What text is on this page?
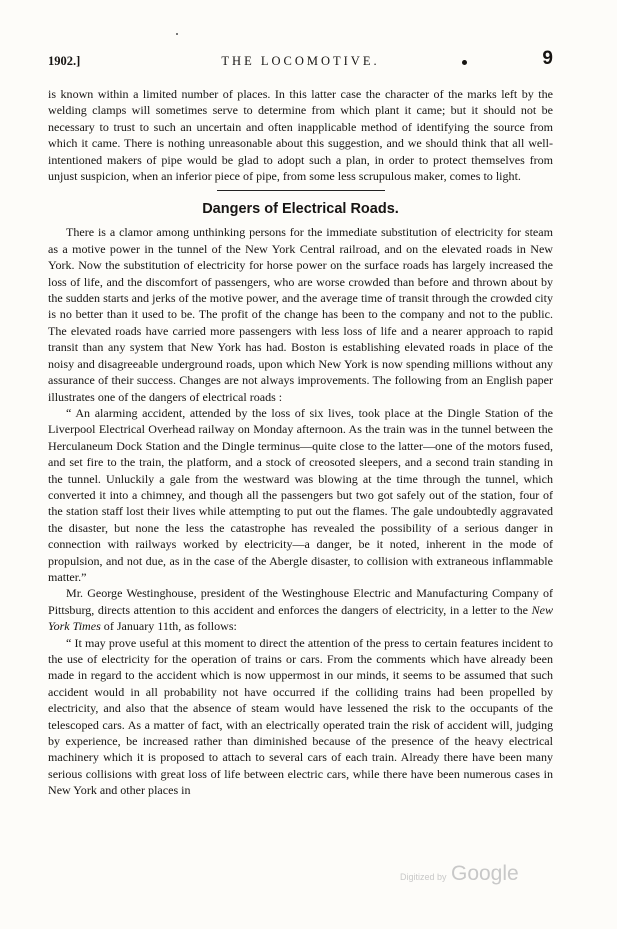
1902.]	THE LOCOMOTIVE.	9

is known within a limited number of places. In this latter case the character of the marks left by the welding clamps will sometimes serve to determine from which plant it came; but it should not be necessary to trust to such an uncertain and often inapplicable method of identifying the source from which it came. There is nothing unreasonable about this suggestion, and we should think that all well-intentioned makers of pipe would be glad to adopt such a plan, in order to protect themselves from unjust suspicion, when an inferior piece of pipe, from some less scrupulous maker, comes to light.

Dangers of Electrical Roads.

There is a clamor among unthinking persons for the immediate substitution of electricity for steam as a motive power in the tunnel of the New York Central railroad, and on the elevated roads in New York. Now the substitution of electricity for horse power on the surface roads has largely increased the loss of life, and the discomfort of passengers, who are worse crowded than before and thrown about by the sudden starts and jerks of the motive power, and the average time of transit through the crowded city is no better than it used to be. The profit of the change has been to the company and not to the public. The elevated roads have carried more passengers with less loss of life and a nearer approach to rapid transit than any system that New York has had. Boston is establishing elevated roads in place of the noisy and disagreeable underground roads, upon which New York is now spending millions without any assurance of their success. Changes are not always improvements. The following from an English paper illustrates one of the dangers of electrical roads :

“ An alarming accident, attended by the loss of six lives, took place at the Dingle Station of the Liverpool Electrical Overhead railway on Monday afternoon. As the train was in the tunnel between the Herculaneum Dock Station and the Dingle terminus—quite close to the latter—one of the motors fused, and set fire to the train, the platform, and a stock of creosoted sleepers, and a second train standing in the tunnel. Unluckily a gale from the westward was blowing at the time through the tunnel, which converted it into a chimney, and though all the passengers but two got safely out of the station, four of the station staff lost their lives while attempting to put out the flames. The gale undoubtedly aggravated the disaster, but none the less the catastrophe has revealed the possibility of a serious danger in connection with railways worked by electricity—a danger, be it noted, inherent in the mode of propulsion, and not due, as in the case of the Abergle disaster, to collision with extraneous inflammable matter.”

Mr. George Westinghouse, president of the Westinghouse Electric and Manufacturing Company of Pittsburg, directs attention to this accident and enforces the dangers of electricity, in a letter to the New York Times of January 11th, as follows:

“ It may prove useful at this moment to direct the attention of the press to certain features incident to the use of electricity for the operation of trains or cars. From the comments which have already been made in regard to the accident which is now uppermost in our minds, it seems to be assumed that such accident would in all probability not have occurred if the colliding trains had been propelled by electricity, and also that the absence of steam would have lessened the risk to the occupants of the telescoped cars. As a matter of fact, with an electrically operated train the risk of accident will, judging by experience, be increased rather than diminished because of the presence of the heavy electrical machinery which it is proposed to attach to several cars of each train. Already there have been many serious collisions with great loss of life between electric cars, while there have been numerous cases in New York and other places in

Digitized by Google
